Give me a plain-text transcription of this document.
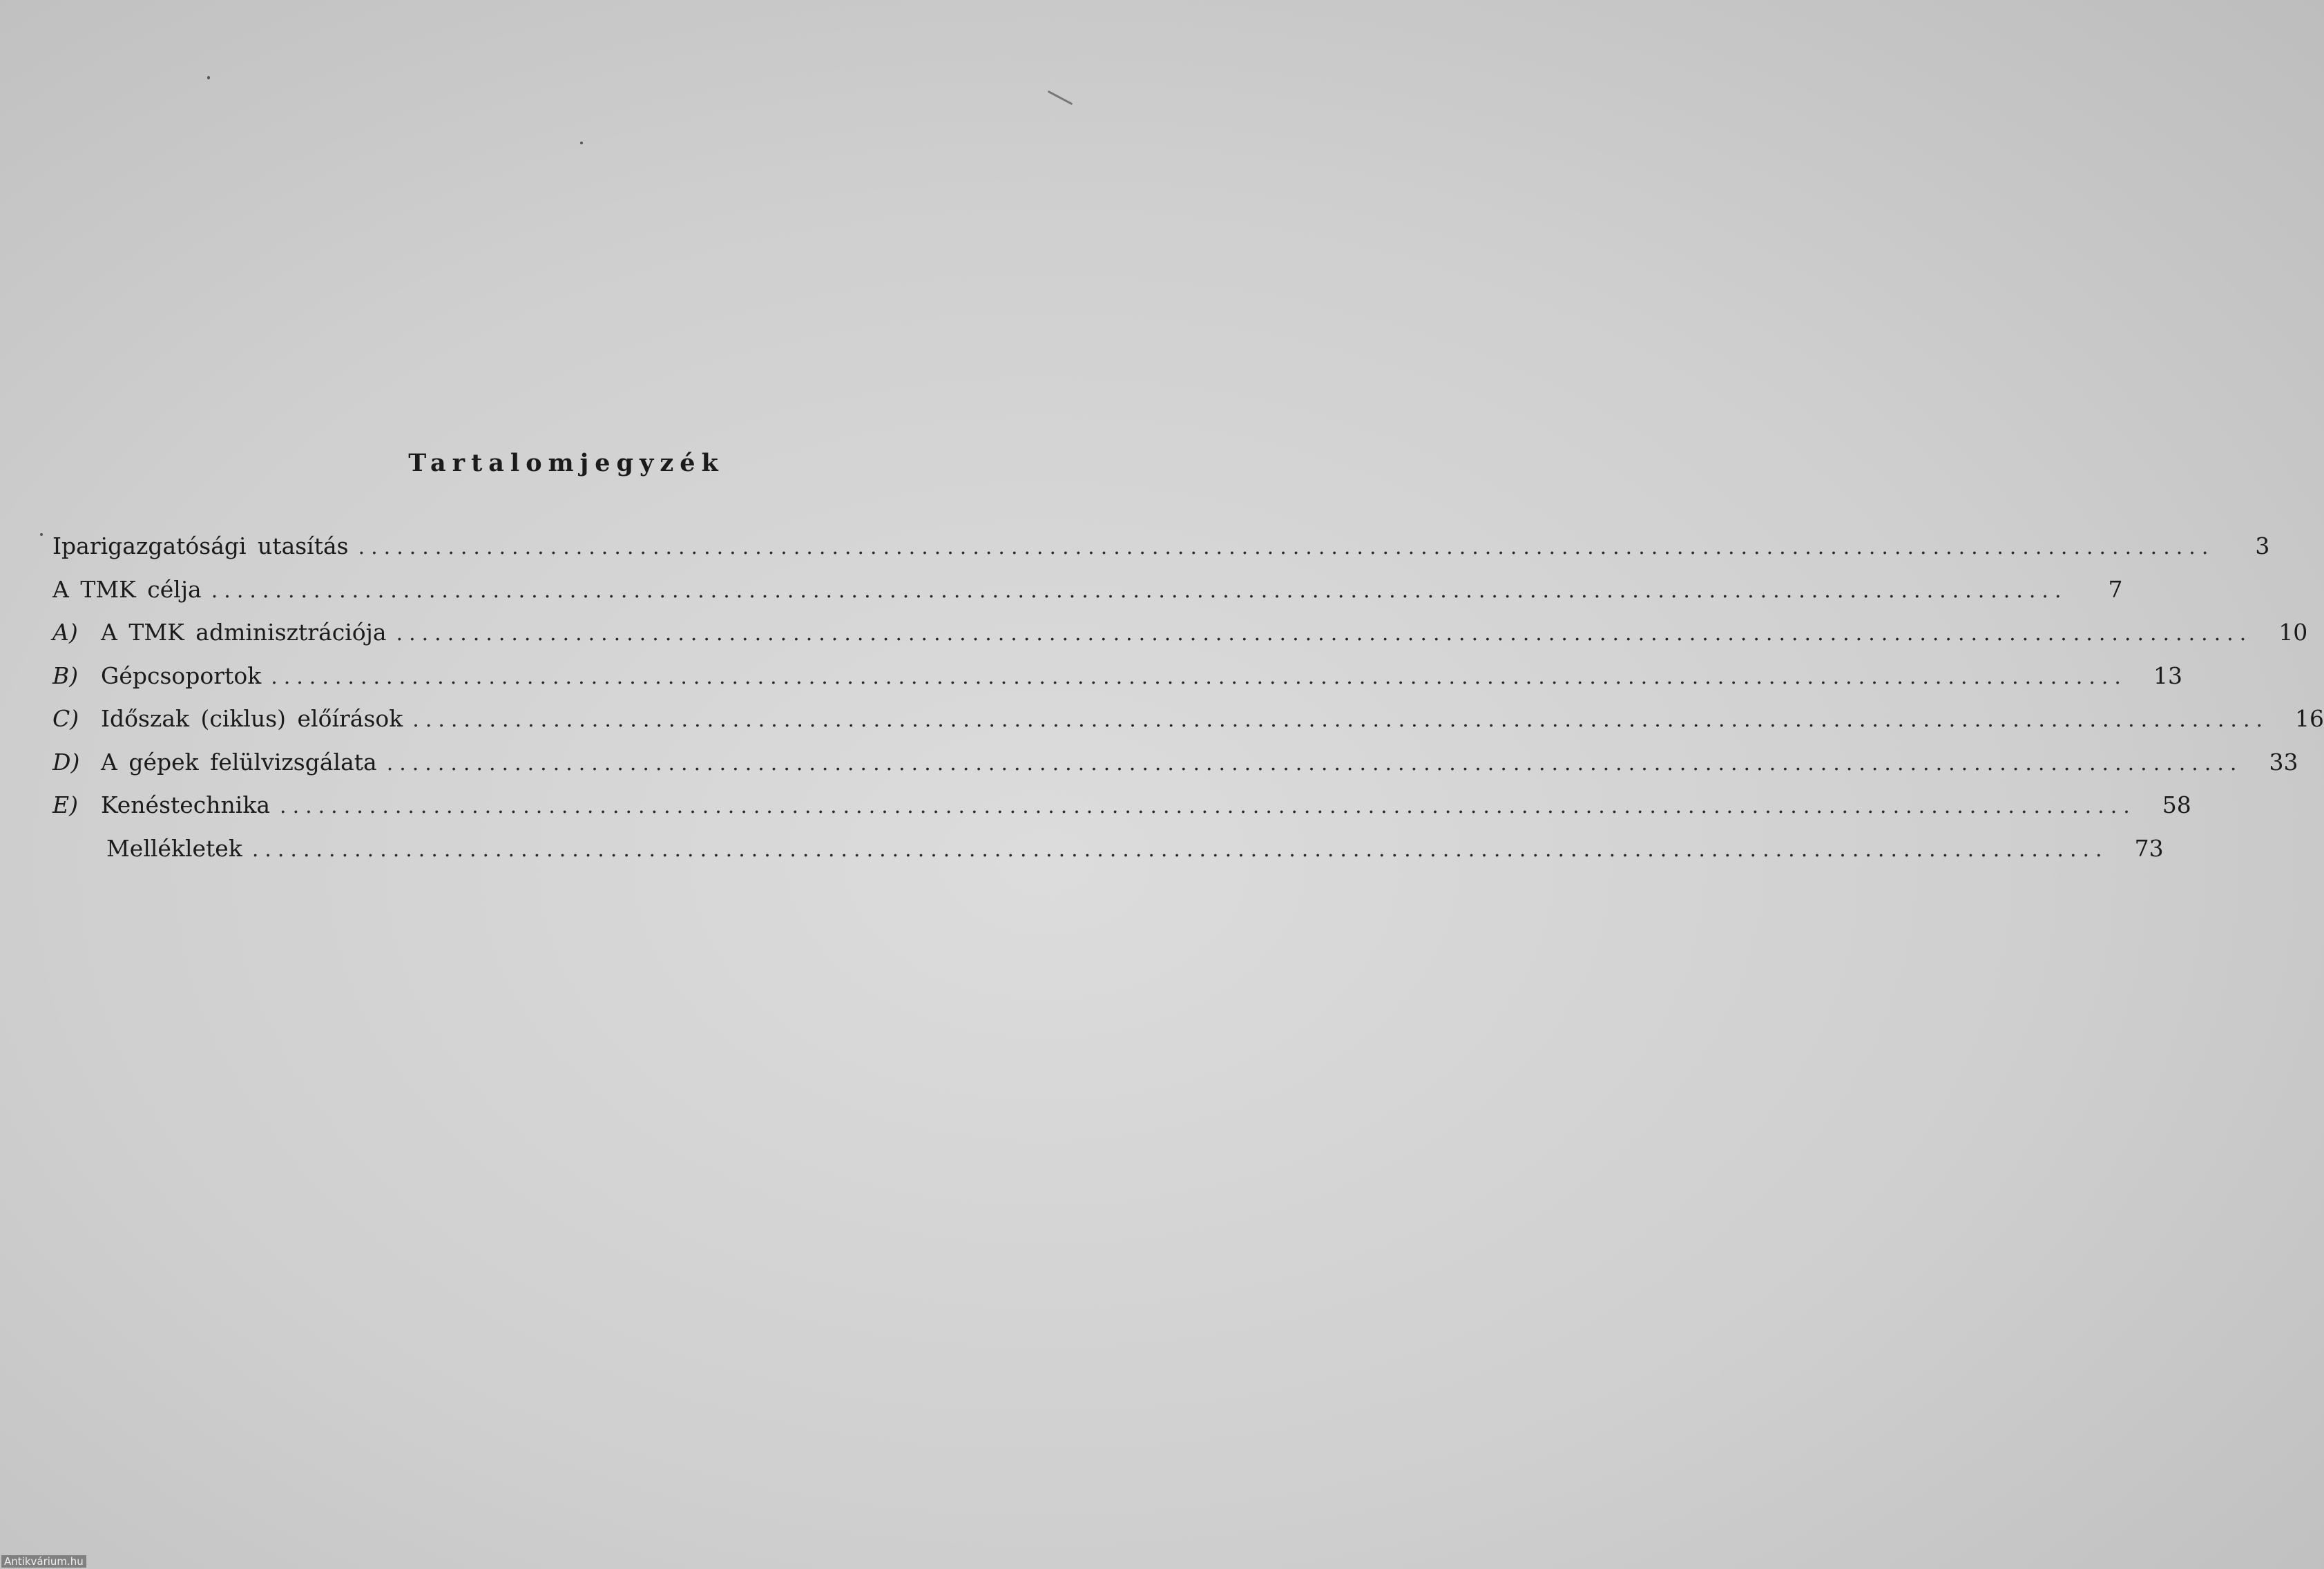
Tartalomjegyzék
Iparigazgatósági utasítás .................................................................................................................................................	3
A TMK célja .................................................................................................................................................	7
A)	A TMK adminisztrációja .................................................................................................................................................	10
B) Gépcsoportok .................................................................................................................................................	13
C) Időszak (ciklus) előírások .................................................................................................................................................	16
D) A gépek felülvizsgálata .................................................................................................................................................	33
E)	Kenéstechnika .................................................................................................................................................	58
Mellékletek .................................................................................................................................................	73
Antikvárium.hu
